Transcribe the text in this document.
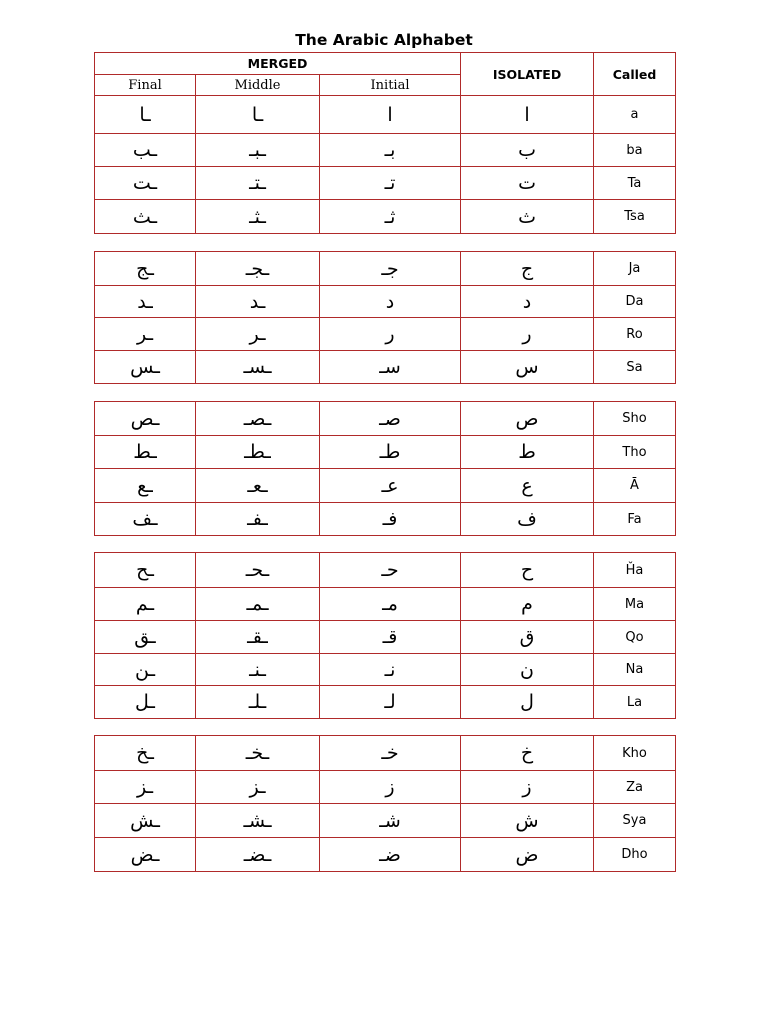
The Arabic Alphabet
MERGED			ISOLATED	Called
Final	Middle	Initial		
ـا	ـا	ا	ا	a
ـب	ـبـ	بـ	ب	ba
ـت	ـتـ	تـ	ت	Ta
ـث	ـثـ	ثـ	ث	Tsa
ـج	ـجـ	جـ	ج	Ja
ـد	ـد	د	د	Da
ـر	ـر	ر	ر	Ro
ـس	ـسـ	سـ	س	Sa
ـص	ـصـ	صـ	ص	Sho
ـط	ـطـ	طـ	ط	Tho
ـع	ـعـ	عـ	ع	Ā
ـف	ـفـ	فـ	ف	Fa
ـح	ـحـ	حـ	ح	Ȟa
ـم	ـمـ	مـ	م	Ma
ـق	ـقـ	قـ	ق	Qo
ـن	ـنـ	نـ	ن	Na
ـل	ـلـ	لـ	ل	La
ـخ	ـخـ	خـ	خ	Kho
ـز	ـز	ز	ز	Za
ـش	ـشـ	شـ	ش	Sya
ـض	ـضـ	ضـ	ض	Dho
